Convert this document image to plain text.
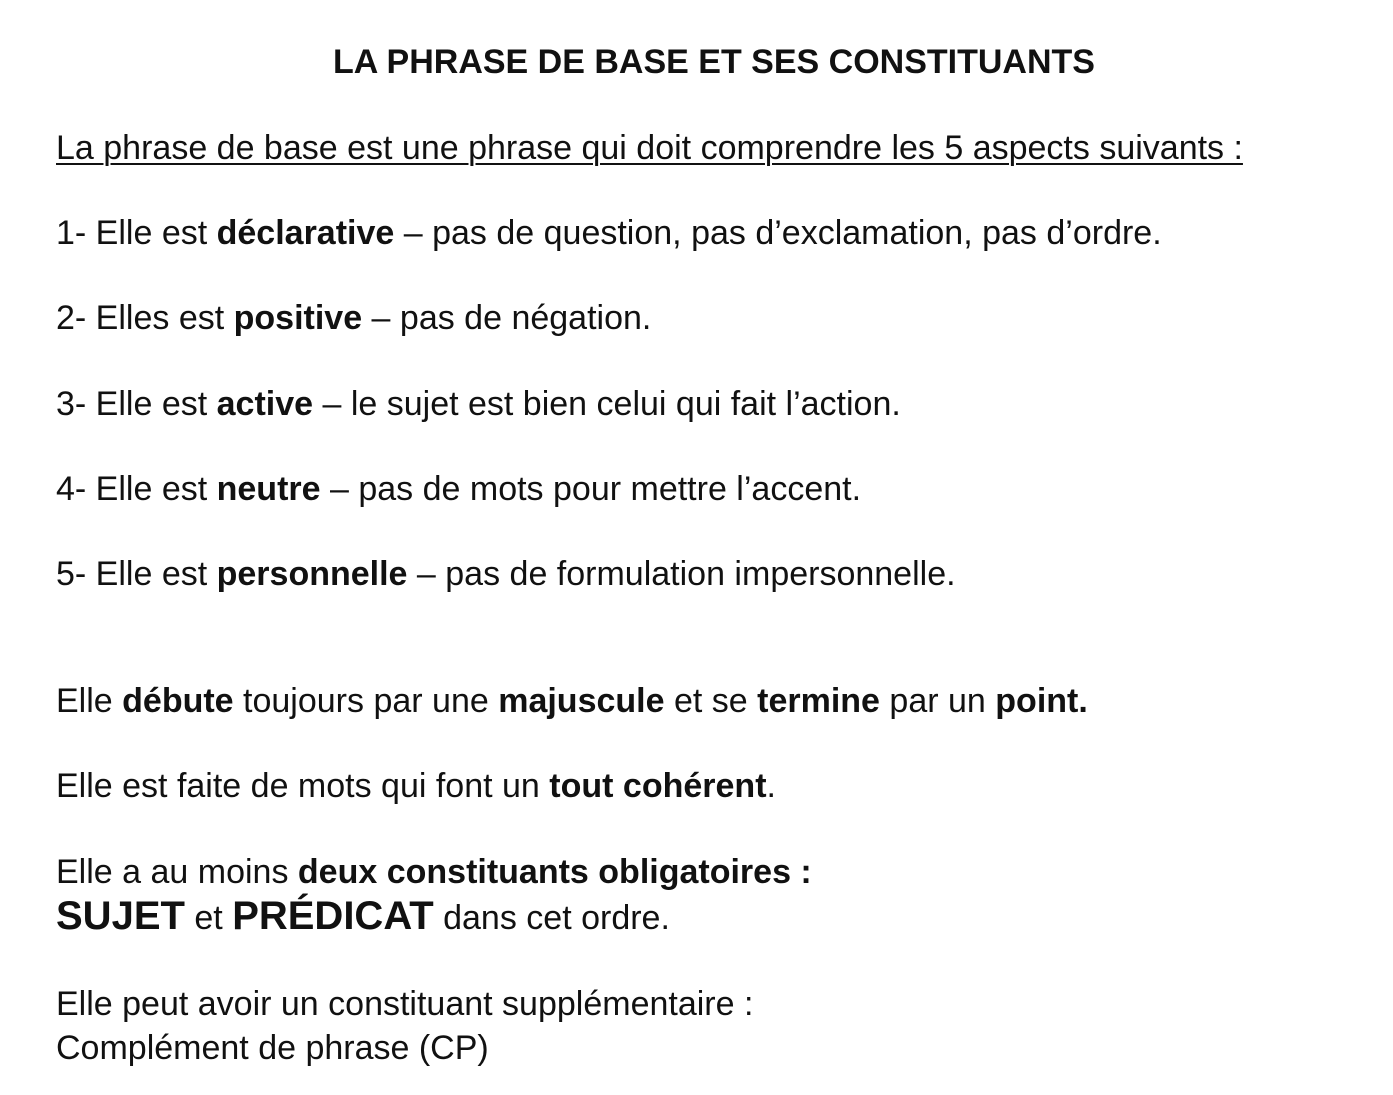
LA PHRASE DE BASE ET SES CONSTITUANTS
La phrase de base est une phrase qui doit comprendre les 5 aspects suivants :
1- Elle est déclarative – pas de question, pas d’exclamation, pas d’ordre.
2- Elles est positive – pas de négation.
3- Elle est active – le sujet est bien celui qui fait l’action.
4- Elle est neutre – pas de mots pour mettre l’accent.
5- Elle est personnelle – pas de formulation impersonnelle.
Elle débute toujours par une majuscule et se termine par un point.
Elle est faite de mots qui font un tout cohérent.
Elle a au moins deux constituants obligatoires :
SUJET et PRÉDICAT dans cet ordre.
Elle peut avoir un constituant supplémentaire :
Complément de phrase (CP)
